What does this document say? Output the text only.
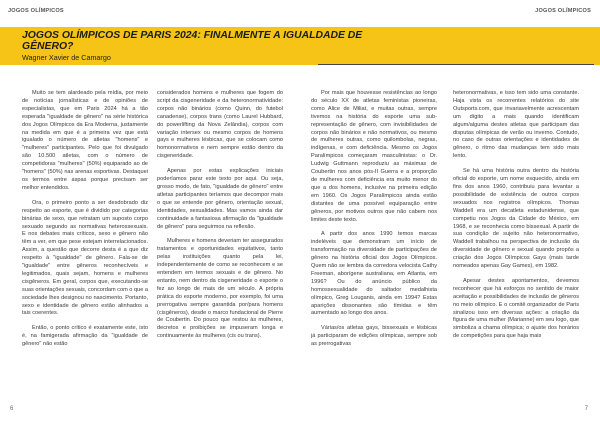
JOGOS OLÍMPICOS	JOGOS OLÍMPICOS
JOGOS OLÍMPICOS DE PARIS 2024: FINALMENTE A IGUALDADE DE GÊNERO?
Wagner Xavier de Camargo

Muito se tem alardeado pela mídia, por meio de notícias jornalísticas e de opiniões de especialistas, que em Paris 2024 há a tão esperada "igualdade de gênero" na série histórica dos Jogos Olímpicos da Era Moderna, justamente na medida em que é a primeira vez que está igualado o número de atletas "homens" e "mulheres" participantes. Pelo que foi divulgado são 10.500 atletas, com o número de competidoras "mulheres" (50%) equiparado ao de "homens" (50%) nas arenas esportivas. Destaquei os termos entre aspas porque precisam ser melhor entendidos.

Ora, o primeiro ponto a ser desdobrado diz respeito ao esporte, que é dividido por categorias binárias de sexo, que retratam um suposto corpo sexuado segundo as normativas heterossexuais. E nos debates mais críticos, sexo e gênero não têm a ver, em que pese estejam interrelacionados. Assim, a questão que decorre desta é a que diz respeito à "igualdade" de gênero. Fala-se de "igualdade" entre gêneros reconhecíveis e legitimados, quais sejam, homens e mulheres cisgêneros. Em geral, corpos que, executando-se suas orientações sexuais, concordam com o que a sociedade lhes designou no nascimento. Portanto, sexo e identidade de gênero estão alinhados a tais coerentes.

Então, o ponto crítico é exatamente este, isto é, na famigerada afirmação da "igualdade de gênero" não estão

considerados homens e mulheres que fogem do script da cisgeneridade e da heteronormatividade: corpos não binários (como Quinn, do futebol canadense), corpos trans (como Laurel Hubbard, do powerlifting da Nova Zelândia), corpos com variação intersex ou mesmo corpos de homens gays e mulheres lésbicas, que se colocam como homonormativos e nem sempre estão dentro da cisgeneridade.

Apenas por estas explicações iniciais poderíamos parar este texto por aqui. Ou seja, grosso modo, de fato, "igualdade de gênero" entre atletas participantes teríamos que decompor mais o que se entende por gênero, orientação sexual, identidades, sexualidades. Mas vamos ainda dar continuidade a fantasiosa afirmação da "igualdade de gênero" para seguirmos na reflexão.

Mulheres e homens deveriam ter assegurados tratamentos e oportunidades equitativos, tanto pelas instituições quanto pela lei, independentemente de como se reconhecem e se entendem em termos sexuais e de gênero. No entanto, nem dentro da cisgeneridade o esporte o fez ao longo de mais de um século. A própria prática do esporte moderno, por exemplo, foi uma prerrogativa sempre garantida por/para homens (cisgêneros), desde o marco fundacional de Pierre de Coubertin. Do pouco que restou às mulheres, decretos e proibições se impuseram longa e continuamente às mulheres (cis ou trans).

Por mais que houvesse resistências ao longo do século XX de atletas feministas pioneiras, como Alice de Miliat, e muitas outras, sempre tivemos na história do esporte uma sub-representação de gênero, com invisibilidades de corpos não binários e não normativos, ou mesmo de mulheres outras, como quilombolas, negras, indígenas, e com deficiência. Mesmo os Jogos Paralímpicos começaram masculinistas: o Dr. Ludwig Guttmann reproduziu as máximas de Coubertin nos anos pós-II Guerra e a proporção de mulheres com deficiência era muito menor do que a dos homens, inclusive na primeira edição em 1960. Os Jogos Paralímpicos ainda estão distantes de uma possível equiparação entre gêneros, por motivos outros que não cabem nos limites deste texto.

A partir dos anos 1990 temos marcas indeléveis que demonstram um início de transformação na diversidade de participações de gênero na história oficial dos Jogos Olímpicos. Quem não se lembra da corredora velocista Cathy Freeman, aborígene australiana, em Atlanta, em 1996? Ou do anúncio público da homossexualidade do saltador medalhista olímpico, Greg Louganis, ainda em 1994? Estas aparições dissonantes são tímidas e têm aumentado ao longo dos anos.

Várias/os atletas gays, bissexuais e lésbicas já participaram de edições olímpicas, sempre sob as prerrogativas

heteronormativas, e isso tem sido uma constante. Haja vista os recorrentes relatórios do site Outsports.com, que invariavelmente acrescentam um dígito a mais quando identificam algum/alguma destes atletas que participam das disputas olímpicas de verão ou inverno. Contudo, no caso de outras orientações e identidades de gênero, o ritmo das mudanças tem sido mais lento.

Se há uma história outra dentro da história oficial do esporte, um nome esquecido, ainda em fins dos anos 1960, contribuiu para levantar a possibilidade de existência de outros corpos sexuados nos registros olímpicos. Thomas Waddell era um decatleta estadunidense, que competiu nos Jogos da Cidade do México, em 1968, e se reconhecia como bissexual. A partir de sua condição de sujeito não heteronormativo, Waddell trabalhou na perspectiva de inclusão da diversidade de gênero e sexual quando propôs a criação dos Jogos Olímpicos Gays (mais tarde nomeados apenas Gay Games), em 1982.

Apesar destes apontamentos, devemos reconhecer que há esforços no sentido de maior aceitação e possibilidades de inclusão de gêneros no meio olímpico. E o comitê organizador de Paris sinalizou isso em diversas ações: a criação da figura de uma mulher (Marianne) em seu logo, que simboliza a chama olímpica; o ajuste dos horários de competições para que haja mais

6	7
